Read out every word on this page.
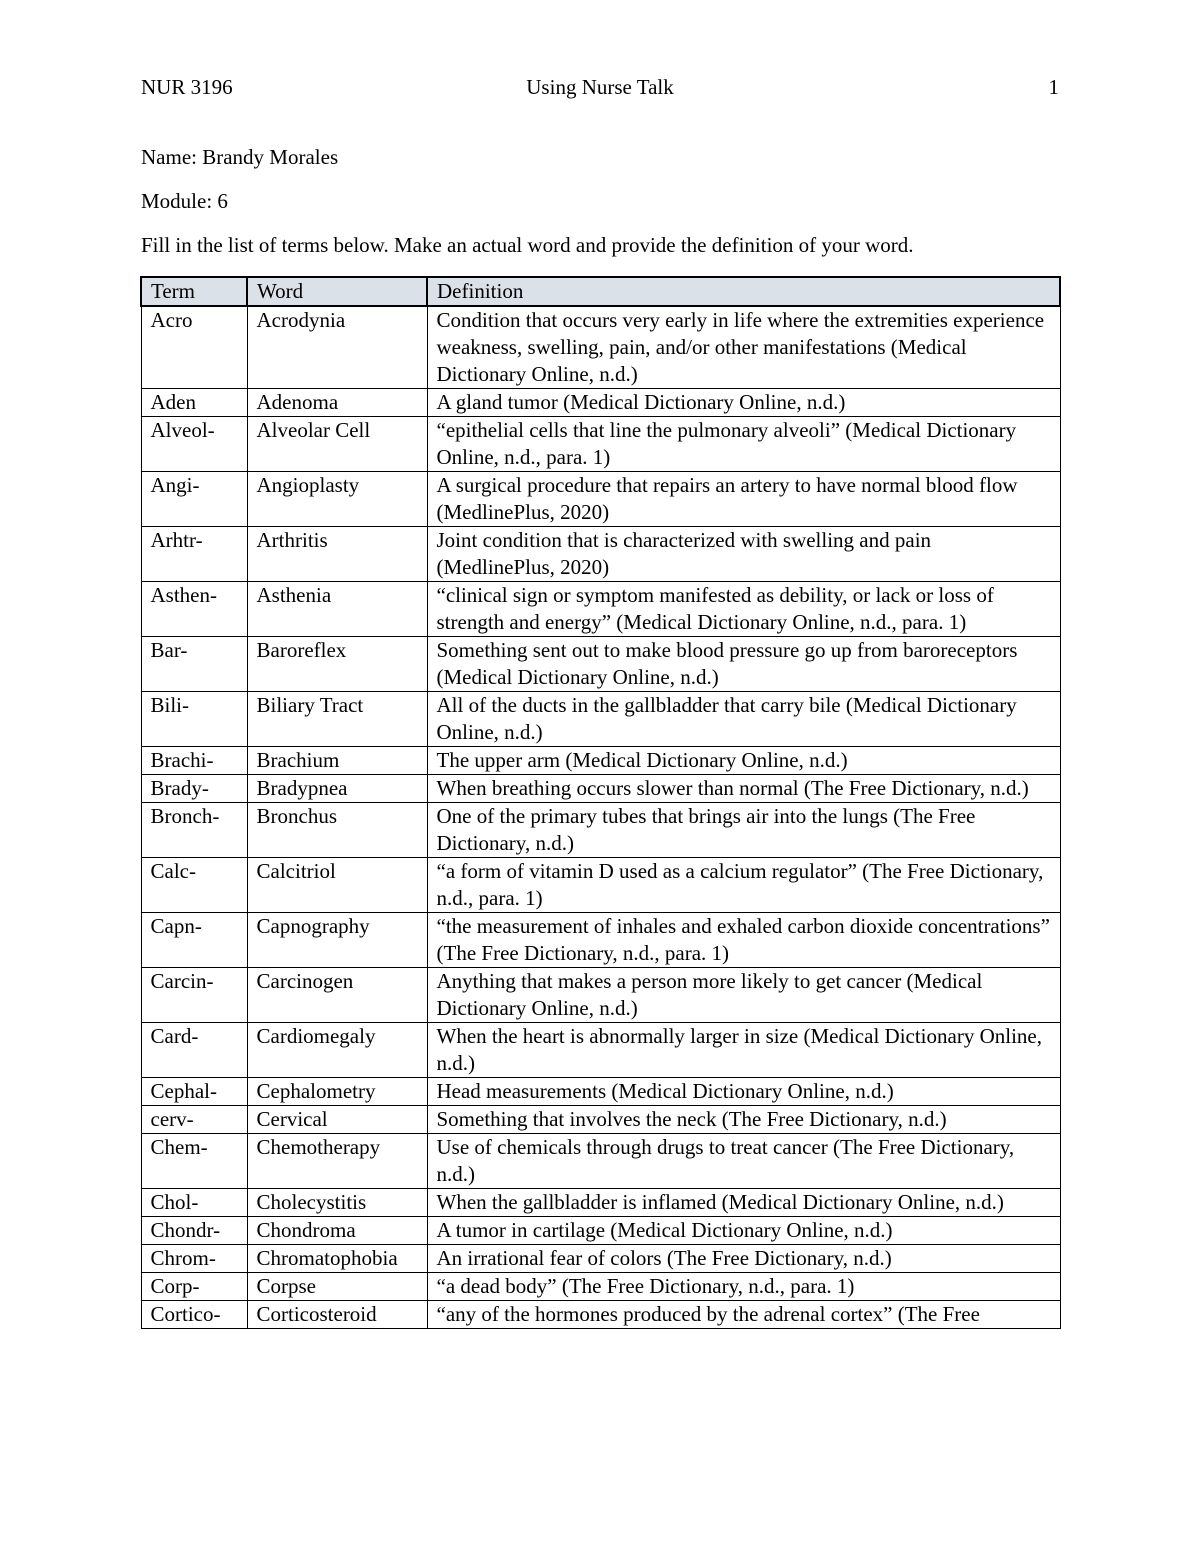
NUR 3196	Using Nurse Talk	1
Name: Brandy Morales
Module: 6
Fill in the list of terms below. Make an actual word and provide the definition of your word.
Term	Word	Definition
Acro	Acrodynia	Condition that occurs very early in life where the extremities experience weakness, swelling, pain, and/or other manifestations (Medical Dictionary Online, n.d.)
Aden	Adenoma	A gland tumor (Medical Dictionary Online, n.d.)
Alveol-	Alveolar Cell	“epithelial cells that line the pulmonary alveoli” (Medical Dictionary Online, n.d., para. 1)
Angi-	Angioplasty	A surgical procedure that repairs an artery to have normal blood flow (MedlinePlus, 2020)
Arhtr-	Arthritis	Joint condition that is characterized with swelling and pain (MedlinePlus, 2020)
Asthen-	Asthenia	“clinical sign or symptom manifested as debility, or lack or loss of strength and energy” (Medical Dictionary Online, n.d., para. 1)
Bar-	Baroreflex	Something sent out to make blood pressure go up from baroreceptors (Medical Dictionary Online, n.d.)
Bili-	Biliary Tract	All of the ducts in the gallbladder that carry bile (Medical Dictionary Online, n.d.)
Brachi-	Brachium	The upper arm (Medical Dictionary Online, n.d.)
Brady-	Bradypnea	When breathing occurs slower than normal (The Free Dictionary, n.d.)
Bronch-	Bronchus	One of the primary tubes that brings air into the lungs (The Free Dictionary, n.d.)
Calc-	Calcitriol	“a form of vitamin D used as a calcium regulator” (The Free Dictionary, n.d., para. 1)
Capn-	Capnography	“the measurement of inhales and exhaled carbon dioxide concentrations” (The Free Dictionary, n.d., para. 1)
Carcin-	Carcinogen	Anything that makes a person more likely to get cancer (Medical Dictionary Online, n.d.)
Card-	Cardiomegaly	When the heart is abnormally larger in size (Medical Dictionary Online, n.d.)
Cephal-	Cephalometry	Head measurements (Medical Dictionary Online, n.d.)
cerv-	Cervical	Something that involves the neck (The Free Dictionary, n.d.)
Chem-	Chemotherapy	Use of chemicals through drugs to treat cancer (The Free Dictionary, n.d.)
Chol-	Cholecystitis	When the gallbladder is inflamed (Medical Dictionary Online, n.d.)
Chondr-	Chondroma	A tumor in cartilage (Medical Dictionary Online, n.d.)
Chrom-	Chromatophobia	An irrational fear of colors (The Free Dictionary, n.d.)
Corp-	Corpse	“a dead body” (The Free Dictionary, n.d., para. 1)
Cortico-	Corticosteroid	“any of the hormones produced by the adrenal cortex” (The Free
